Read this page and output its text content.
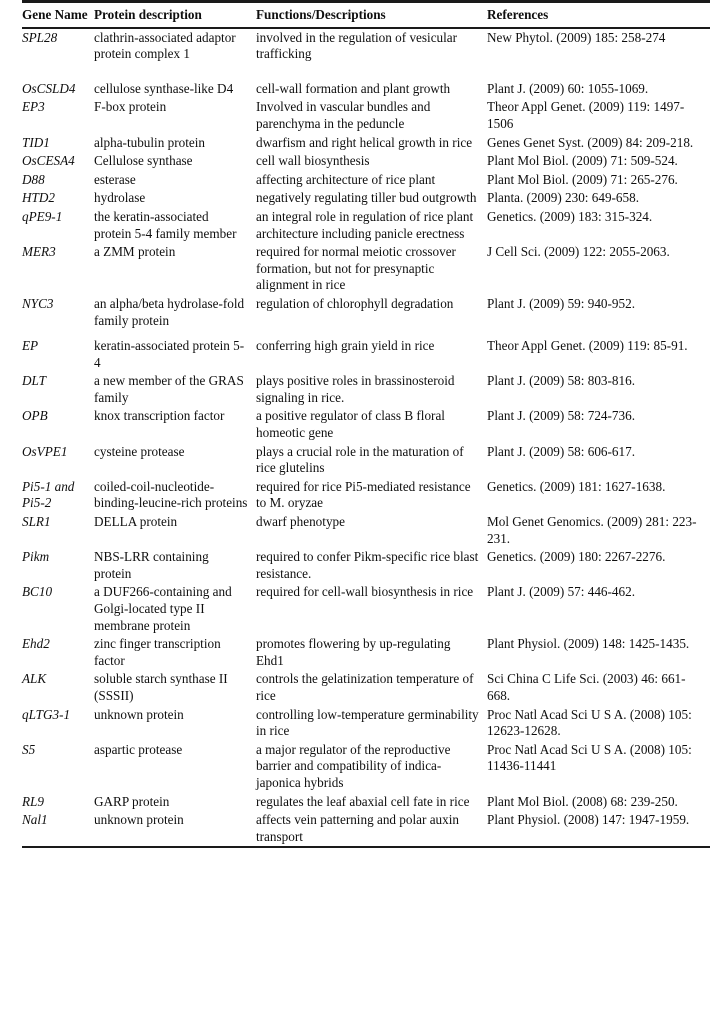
Gene Name	Protein description	Functions/Descriptions	References

SPL28	clathrin-associated adaptor protein complex 1	involved in the regulation of vesicular trafficking	New Phytol. (2009) 185: 258-274

OsCSLD4	cellulose synthase-like D4	cell-wall formation and plant growth	Plant J. (2009) 60: 1055-1069.
EP3	F-box protein	Involved in vascular bundles and parenchyma in the peduncle	Theor Appl Genet. (2009) 119: 1497-1506
TID1	alpha-tubulin protein	dwarfism and right helical growth in rice	Genes Genet Syst. (2009) 84: 209-218.
OsCESA4	Cellulose synthase	cell wall biosynthesis	Plant Mol Biol. (2009) 71: 509-524.
D88	esterase	affecting architecture of rice plant	Plant Mol Biol. (2009) 71: 265-276.
HTD2	hydrolase	negatively regulating tiller bud outgrowth	Planta. (2009) 230: 649-658.
qPE9-1	the keratin-associated protein 5-4 family member	an integral role in regulation of rice plant architecture including panicle erectness	Genetics. (2009) 183: 315-324.
MER3	a ZMM protein	required for normal meiotic crossover formation, but not for presynaptic alignment in rice	J Cell Sci. (2009) 122: 2055-2063.
NYC3	an alpha/beta hydrolase-fold family protein	regulation of chlorophyll degradation	Plant J. (2009) 59: 940-952.

EP	keratin-associated protein 5-4	conferring high grain yield in rice	Theor Appl Genet. (2009) 119: 85-91.
DLT	a new member of the GRAS family	plays positive roles in brassinosteroid signaling in rice.	Plant J. (2009) 58: 803-816.
OPB	knox transcription factor	a positive regulator of class B floral homeotic gene	Plant J. (2009) 58: 724-736.
OsVPE1	cysteine protease	plays a crucial role in the maturation of rice glutelins	Plant J. (2009) 58: 606-617.
Pi5-1 and Pi5-2	coiled-coil-nucleotide-binding-leucine-rich proteins	required for rice Pi5-mediated resistance to M. oryzae	Genetics. (2009) 181: 1627-1638.
SLR1	DELLA protein	dwarf phenotype	Mol Genet Genomics. (2009) 281: 223-231.
Pikm	NBS-LRR containing protein	required to confer Pikm-specific rice blast resistance.	Genetics. (2009) 180: 2267-2276.
BC10	a DUF266-containing and Golgi-located type II membrane protein	required for cell-wall biosynthesis in rice	Plant J. (2009) 57: 446-462.
Ehd2	zinc finger transcription factor	promotes flowering by up-regulating Ehd1	Plant Physiol. (2009) 148: 1425-1435.
ALK	soluble starch synthase II (SSSII)	controls the gelatinization temperature of rice	Sci China C Life Sci. (2003) 46: 661-668.
qLTG3-1	unknown protein	controlling low-temperature germinability in rice	Proc Natl Acad Sci U S A. (2008) 105: 12623-12628.
S5	aspartic protease	a major regulator of the reproductive barrier and compatibility of indica-japonica hybrids	Proc Natl Acad Sci U S A. (2008) 105: 11436-11441
RL9	GARP protein	regulates the leaf abaxial cell fate in rice	Plant Mol Biol. (2008) 68: 239-250.
Nal1	unknown protein	affects vein patterning and polar auxin transport	Plant Physiol. (2008) 147: 1947-1959.
